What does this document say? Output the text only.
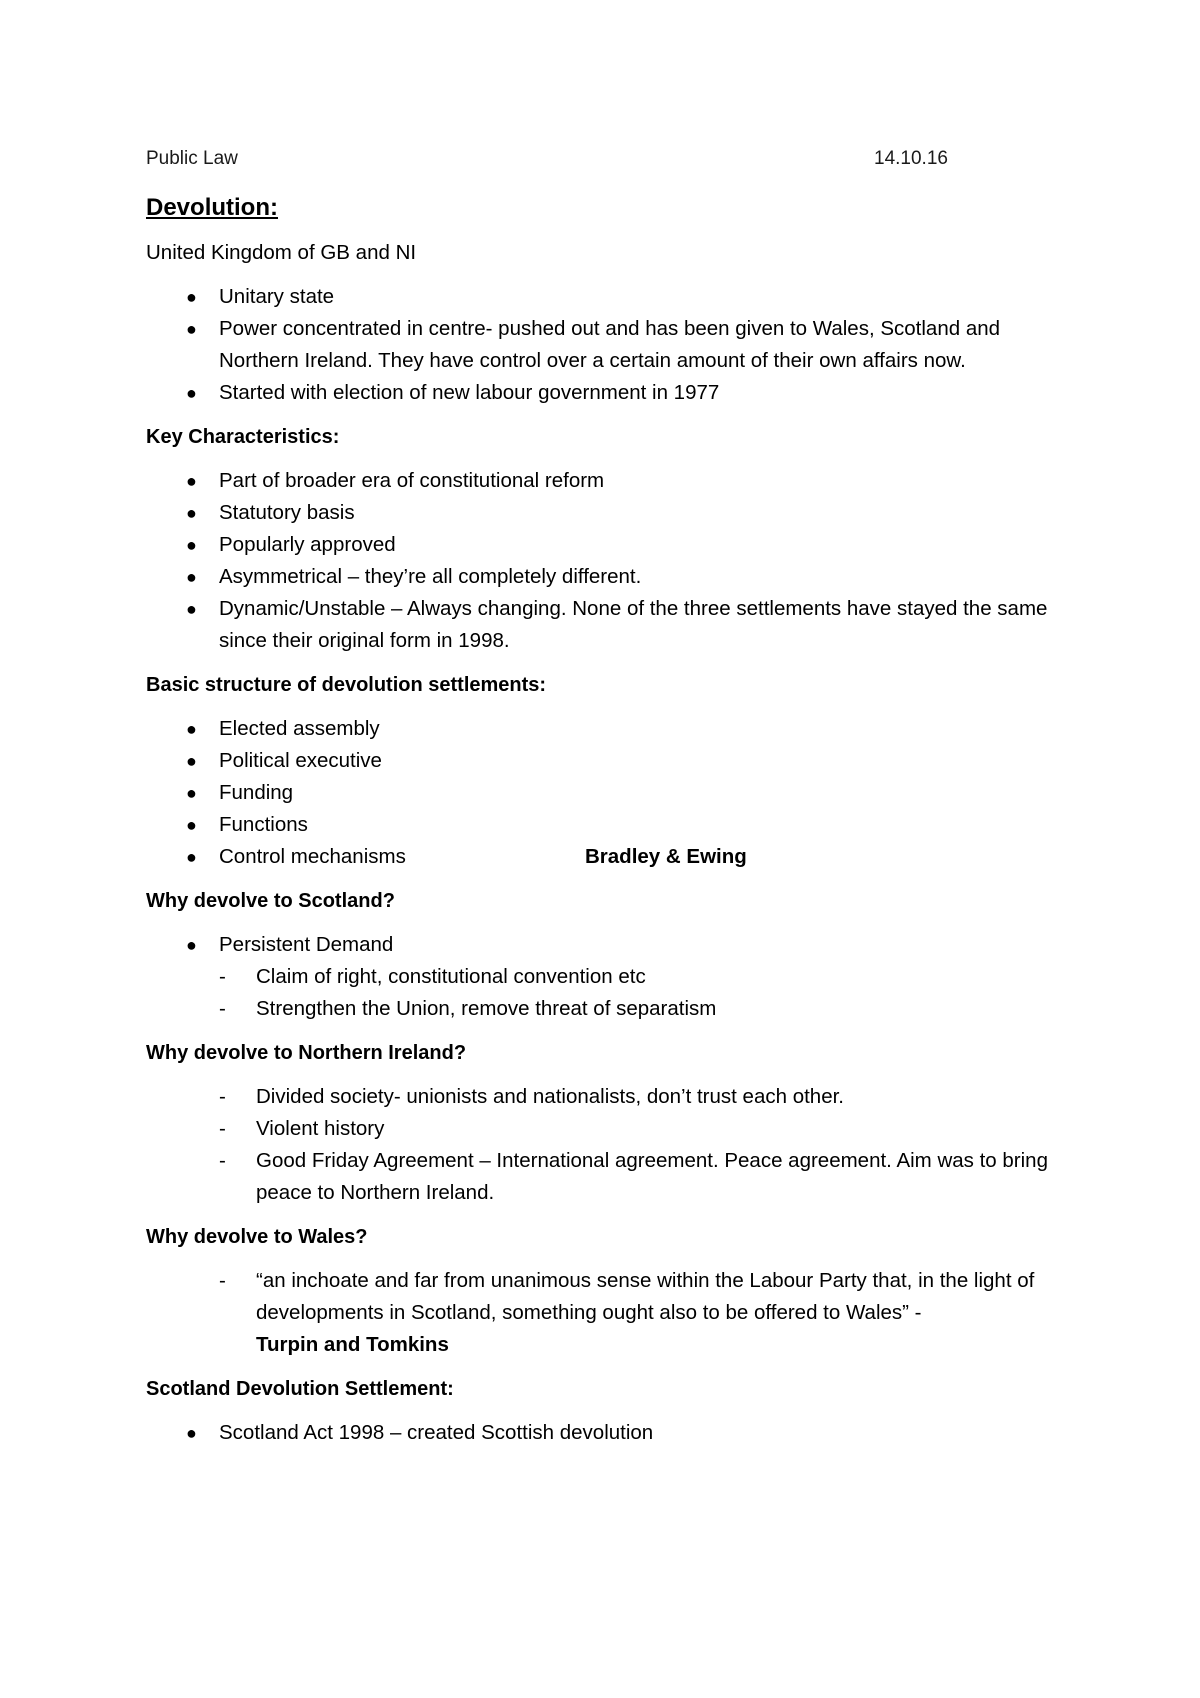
Public Law	14.10.16
Devolution:
United Kingdom of GB and NI
● Unitary state
● Power concentrated in centre- pushed out and has been given to Wales, Scotland and Northern Ireland. They have control over a certain amount of their own affairs now.
● Started with election of new labour government in 1977
Key Characteristics:
● Part of broader era of constitutional reform
● Statutory basis
● Popularly approved
● Asymmetrical – they’re all completely different.
● Dynamic/Unstable – Always changing. None of the three settlements have stayed the same since their original form in 1998.
Basic structure of devolution settlements:
● Elected assembly
● Political executive
● Funding
● Functions
● Control mechanisms	Bradley & Ewing
Why devolve to Scotland?
● Persistent Demand
- Claim of right, constitutional convention etc
- Strengthen the Union, remove threat of separatism
Why devolve to Northern Ireland?
- Divided society- unionists and nationalists, don’t trust each other.
- Violent history
- Good Friday Agreement – International agreement. Peace agreement. Aim was to bring peace to Northern Ireland.
Why devolve to Wales?
- “an inchoate and far from unanimous sense within the Labour Party that, in the light of developments in Scotland, something ought also to be offered to Wales” -
Turpin and Tomkins
Scotland Devolution Settlement:
● Scotland Act 1998 – created Scottish devolution
